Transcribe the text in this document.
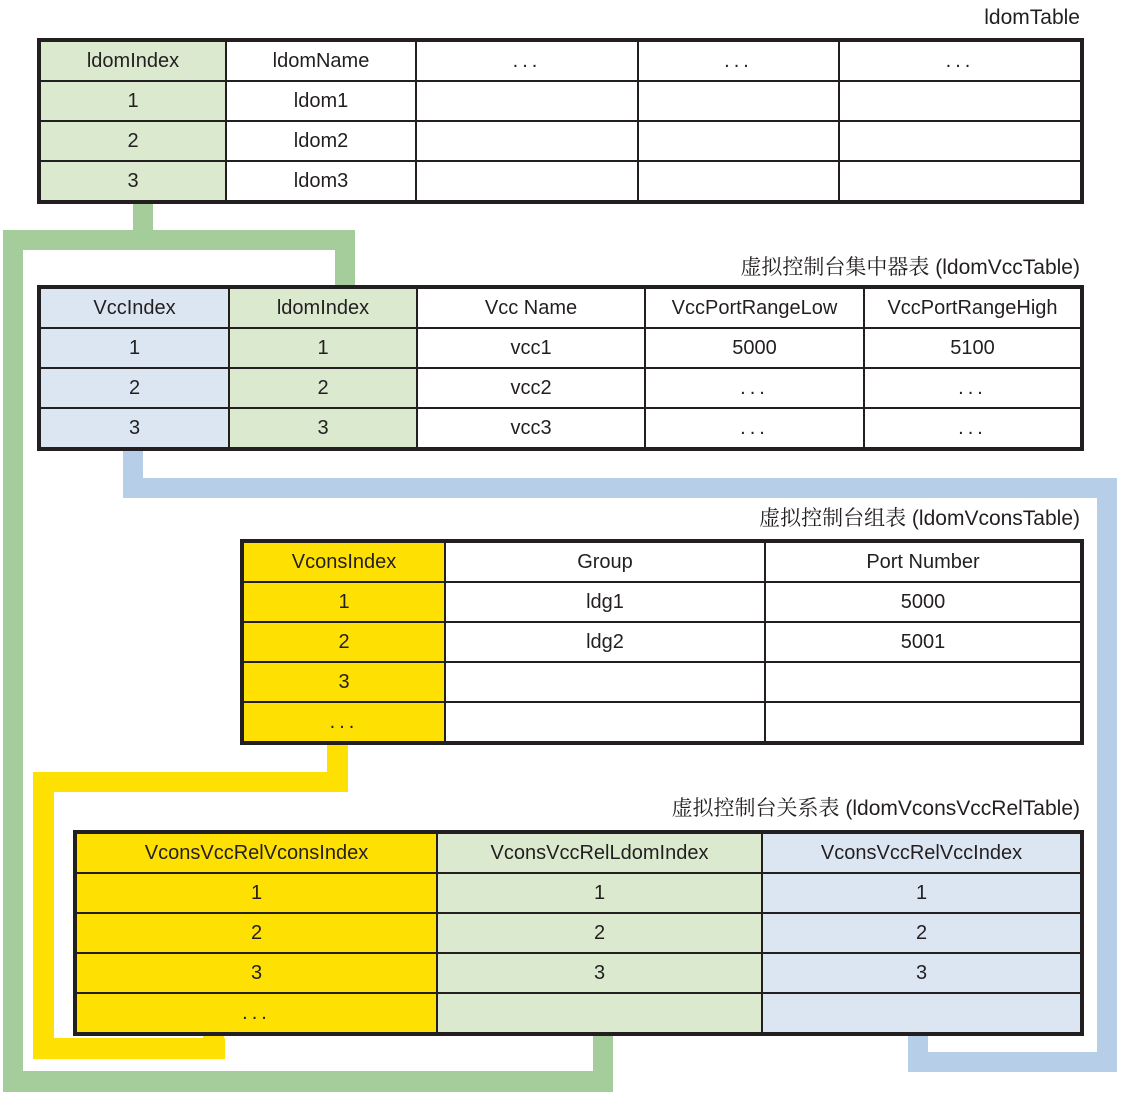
ldomTable
虚拟控制台集中器表 (ldomVccTable)
虚拟控制台组表 (ldomVconsTable)
虚拟控制台关系表 (ldomVconsVccRelTable)
ldomIndex	ldomName	...	...	...
1	ldom1			
2	ldom2			
3	ldom3			
VccIndex	ldomIndex	Vcc Name	VccPortRangeLow	VccPortRangeHigh
1	1	vcc1	5000	5100
2	2	vcc2	...	...
3	3	vcc3	...	...
VconsIndex	Group	Port Number
1	ldg1	5000
2	ldg2	5001
3		
...		
VconsVccRelVconsIndex	VconsVccRelLdomIndex	VconsVccRelVccIndex
1	1	1
2	2	2
3	3	3
...		
